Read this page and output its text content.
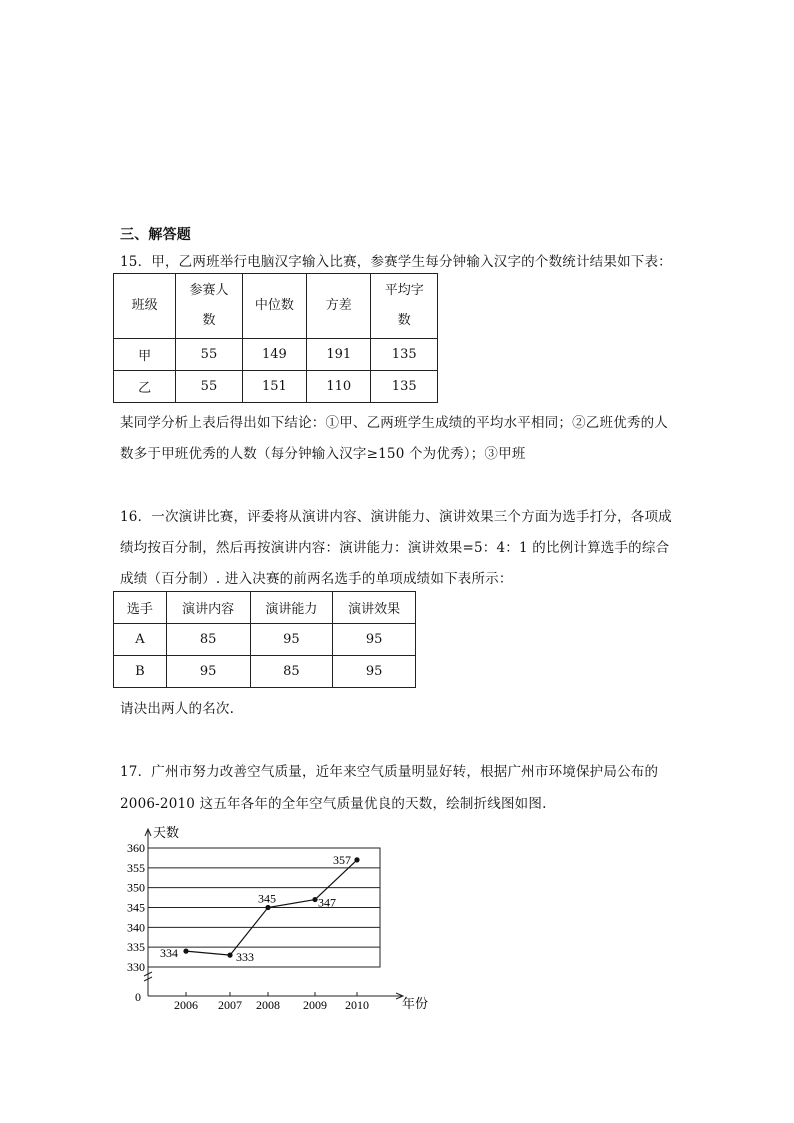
三、解答题
15．甲，乙两班举行电脑汉字输入比赛，参赛学生每分钟输入汉字的个数统计结果如下表：
班级	参赛人数	中位数	方差	平均字数

甲	55	149	191	135
乙	55	151	110	135
某同学分析上表后得出如下结论：①甲、乙两班学生成绩的平均水平相同；②乙班优秀的人
数多于甲班优秀的人数（每分钟输入汉字≥150 个为优秀）；③甲班
16．一次演讲比赛，评委将从演讲内容、演讲能力、演讲效果三个方面为选手打分，各项成
绩均按百分制，然后再按演讲内容：演讲能力：演讲效果=5：4：1 的比例计算选手的综合
成绩（百分制）. 进入决赛的前两名选手的单项成绩如下表所示：
选手	演讲内容	演讲能力	演讲效果
A	85	95	95
B	95	85	95
请决出两人的名次.
17．广州市努力改善空气质量，近年来空气质量明显好转，根据广州市环境保护局公布的
2006-2010 这五年各年的全年空气质量优良的天数，绘制折线图如图.
330
335
340
345
350
355
360
0
天数
年份
2006 2007 2008 2009 2010
334	333
345	347
357
